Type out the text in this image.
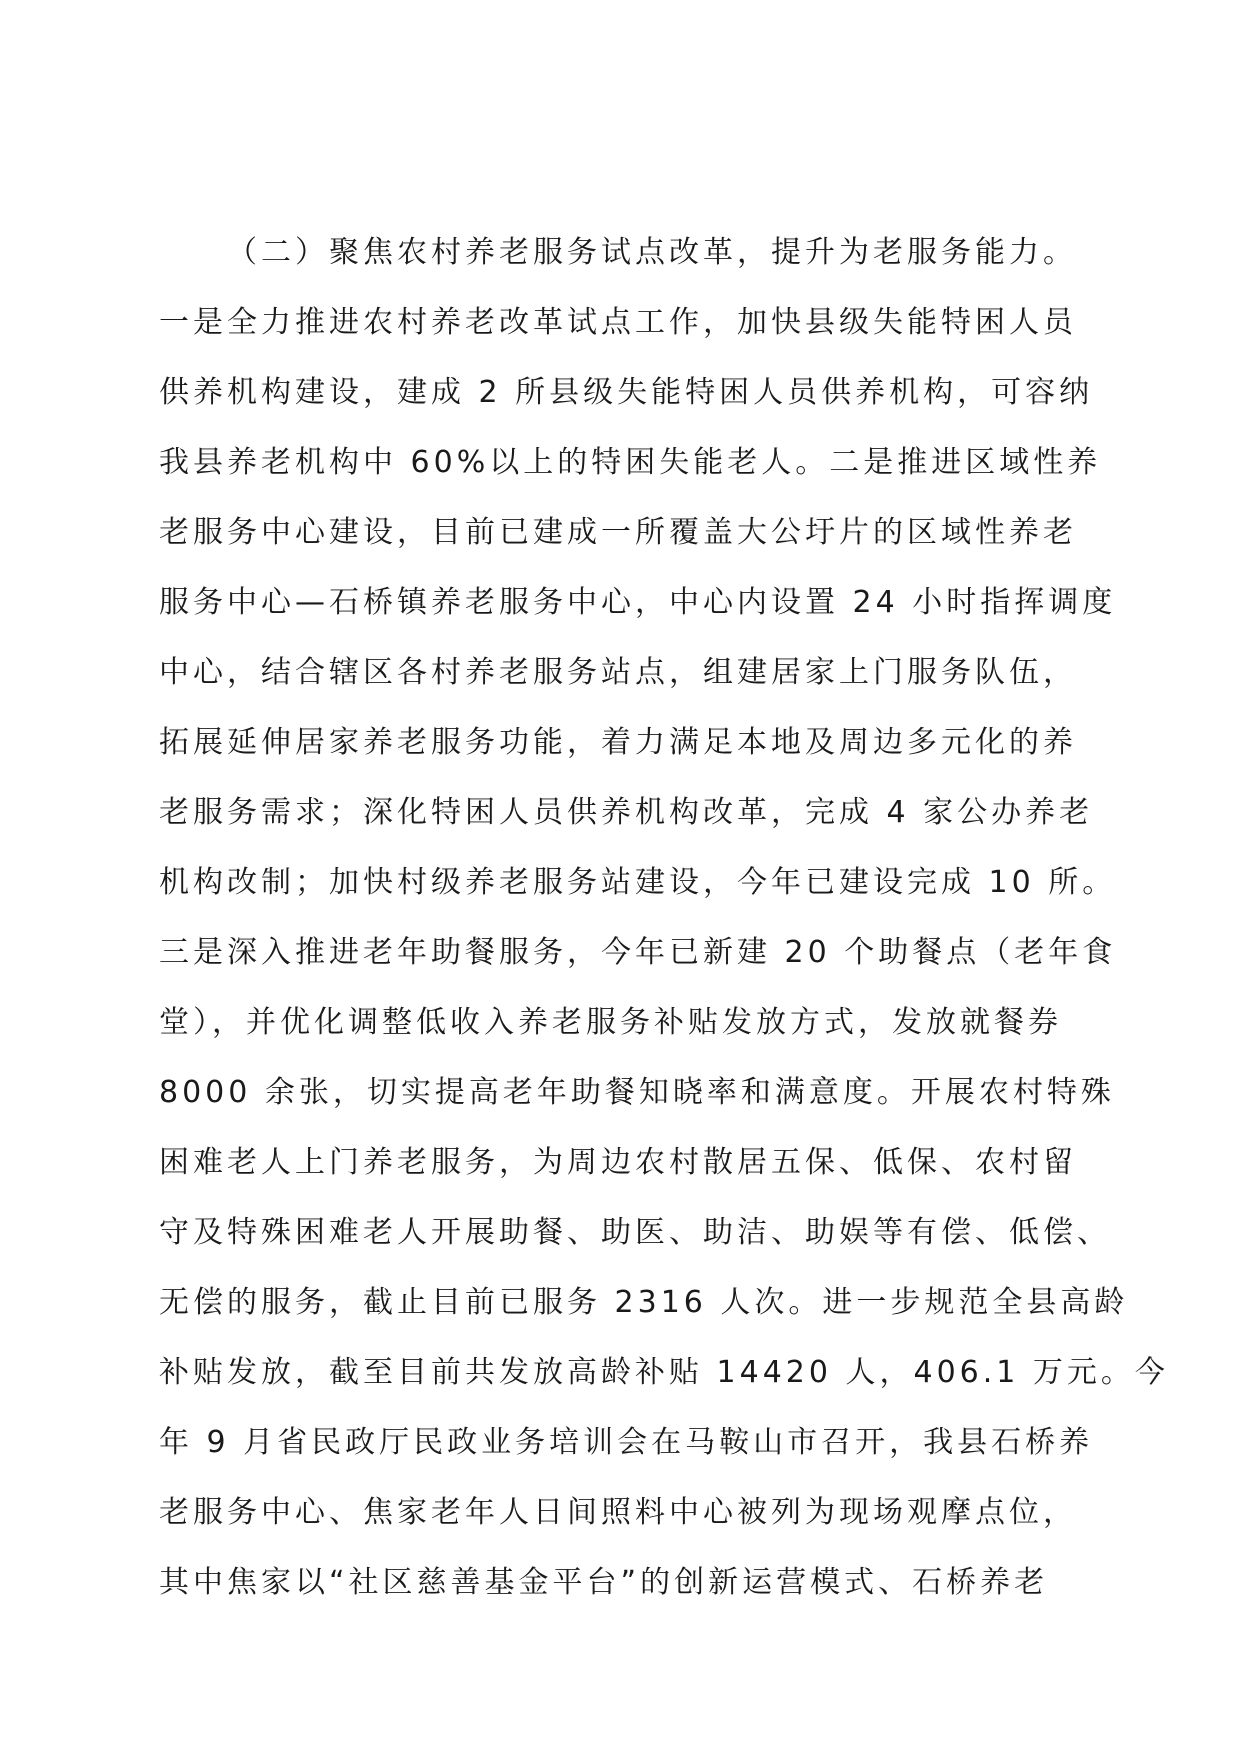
（二）聚焦农村养老服务试点改革，提升为老服务能力。
一是全力推进农村养老改革试点工作，加快县级失能特困人员
供养机构建设，建成 2 所县级失能特困人员供养机构，可容纳
我县养老机构中 60%以上的特困失能老人。二是推进区域性养
老服务中心建设，目前已建成一所覆盖大公圩片的区域性养老
服务中心—石桥镇养老服务中心，中心内设置 24 小时指挥调度
中心，结合辖区各村养老服务站点，组建居家上门服务队伍，
拓展延伸居家养老服务功能，着力满足本地及周边多元化的养
老服务需求；深化特困人员供养机构改革，完成 4 家公办养老
机构改制；加快村级养老服务站建设，今年已建设完成 10 所。
三是深入推进老年助餐服务，今年已新建 20 个助餐点（老年食
堂），并优化调整低收入养老服务补贴发放方式，发放就餐券
8000 余张，切实提高老年助餐知晓率和满意度。开展农村特殊
困难老人上门养老服务，为周边农村散居五保、低保、农村留
守及特殊困难老人开展助餐、助医、助洁、助娱等有偿、低偿、
无偿的服务，截止目前已服务 2316 人次。进一步规范全县高龄
补贴发放，截至目前共发放高龄补贴 14420 人，406.1 万元。今
年 9 月省民政厅民政业务培训会在马鞍山市召开，我县石桥养
老服务中心、焦家老年人日间照料中心被列为现场观摩点位，
其中焦家以“社区慈善基金平台”的创新运营模式、石桥养老
